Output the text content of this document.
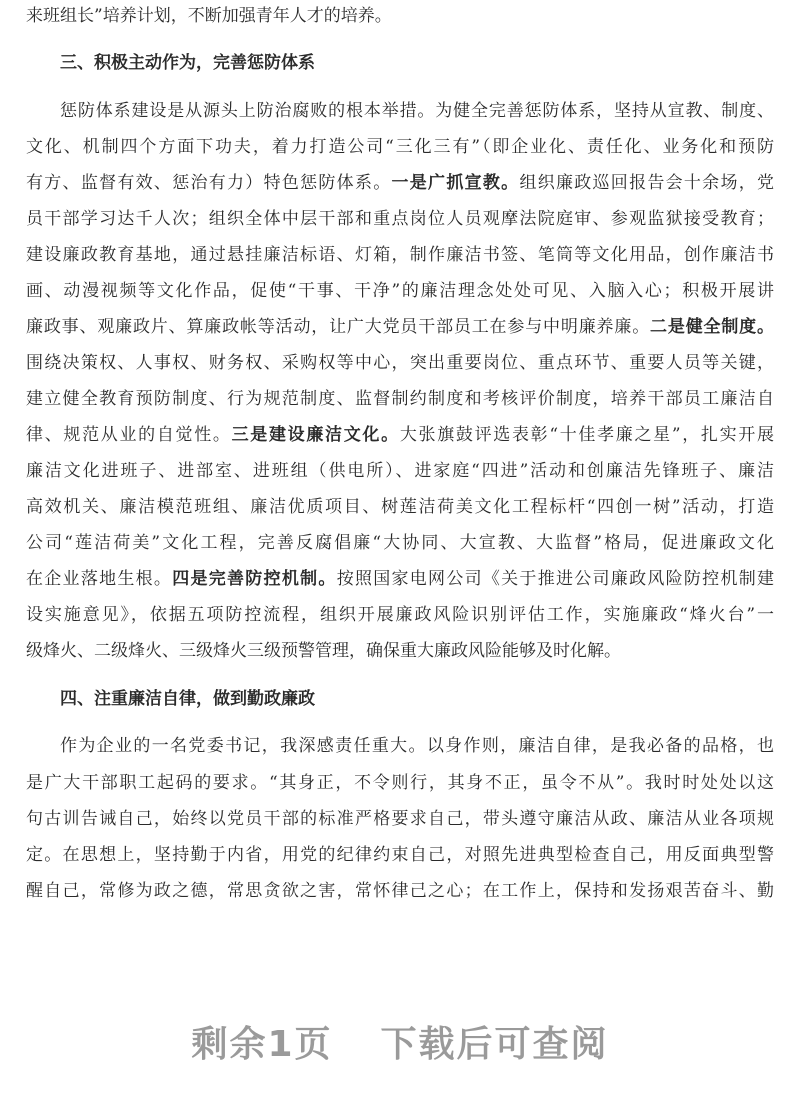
来班组长”培养计划，不断加强青年人才的培养。
三、积极主动作为，完善惩防体系
惩防体系建设是从源头上防治腐败的根本举措。为健全完善惩防体系，坚持从宣教、制度、
文化、机制四个方面下功夫，着力打造公司“三化三有”（即企业化、责任化、业务化和预防
有方、监督有效、惩治有力）特色惩防体系。一是广抓宣教。组织廉政巡回报告会十余场，党
员干部学习达千人次；组织全体中层干部和重点岗位人员观摩法院庭审、参观监狱接受教育；
建设廉政教育基地，通过悬挂廉洁标语、灯箱，制作廉洁书签、笔筒等文化用品，创作廉洁书
画、动漫视频等文化作品，促使“干事、干净”的廉洁理念处处可见、入脑入心；积极开展讲
廉政事、观廉政片、算廉政帐等活动，让广大党员干部员工在参与中明廉养廉。二是健全制度。
围绕决策权、人事权、财务权、采购权等中心，突出重要岗位、重点环节、重要人员等关键，
建立健全教育预防制度、行为规范制度、监督制约制度和考核评价制度，培养干部员工廉洁自
律、规范从业的自觉性。三是建设廉洁文化。大张旗鼓评选表彰“十佳孝廉之星”，扎实开展
廉洁文化进班子、进部室、进班组（供电所）、进家庭“四进”活动和创廉洁先锋班子、廉洁
高效机关、廉洁模范班组、廉洁优质项目、树莲洁荷美文化工程标杆“四创一树”活动，打造
公司“莲洁荷美”文化工程，完善反腐倡廉“大协同、大宣教、大监督”格局，促进廉政文化
在企业落地生根。四是完善防控机制。按照国家电网公司《关于推进公司廉政风险防控机制建
设实施意见》，依据五项防控流程，组织开展廉政风险识别评估工作，实施廉政“烽火台”一
级烽火、二级烽火、三级烽火三级预警管理，确保重大廉政风险能够及时化解。
四、注重廉洁自律，做到勤政廉政
作为企业的一名党委书记，我深感责任重大。以身作则，廉洁自律，是我必备的品格，也
是广大干部职工起码的要求。“其身正，不令则行，其身不正，虽令不从”。我时时处处以这
句古训告诫自己，始终以党员干部的标准严格要求自己，带头遵守廉洁从政、廉洁从业各项规
定。在思想上，坚持勤于内省，用党的纪律约束自己，对照先进典型检查自己，用反面典型警
醒自己，常修为政之德，常思贪欲之害，常怀律己之心；在工作上，保持和发扬艰苦奋斗、勤
剩余1页 下载后可查阅
